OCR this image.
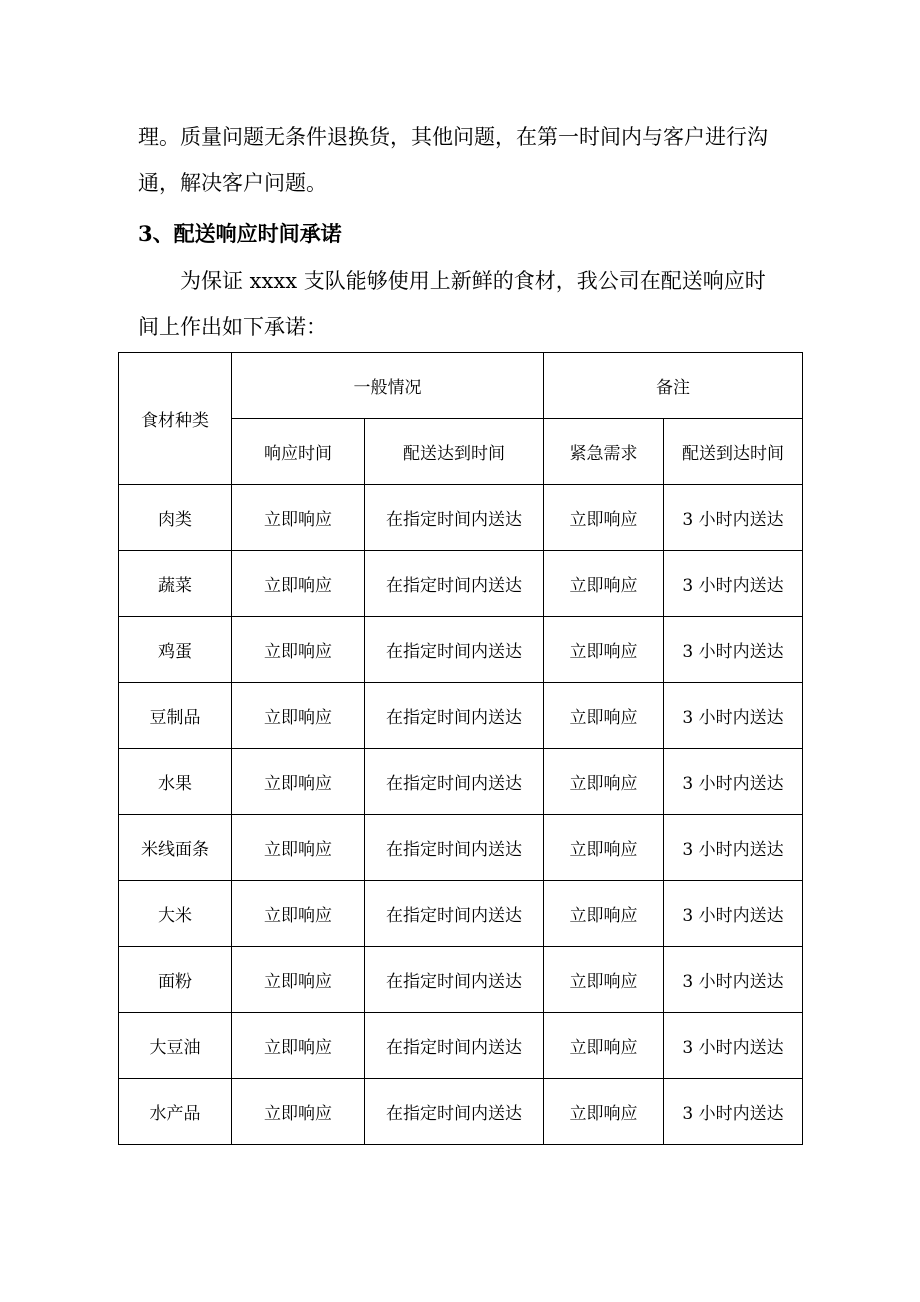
理。质量问题无条件退换货，其他问题，在第一时间内与客户进行沟
通，解决客户问题。

3、配送响应时间承诺

为保证 xxxx 支队能够使用上新鲜的食材，我公司在配送响应时
间上作出如下承诺：

食材种类	一般情况		备注	
	响应时间	配送达到时间	紧急需求	配送到达时间
肉类	立即响应	在指定时间内送达	立即响应	3 小时内送达
蔬菜	立即响应	在指定时间内送达	立即响应	3 小时内送达
鸡蛋	立即响应	在指定时间内送达	立即响应	3 小时内送达
豆制品	立即响应	在指定时间内送达	立即响应	3 小时内送达
水果	立即响应	在指定时间内送达	立即响应	3 小时内送达
米线面条	立即响应	在指定时间内送达	立即响应	3 小时内送达
大米	立即响应	在指定时间内送达	立即响应	3 小时内送达
面粉	立即响应	在指定时间内送达	立即响应	3 小时内送达
大豆油	立即响应	在指定时间内送达	立即响应	3 小时内送达
水产品	立即响应	在指定时间内送达	立即响应	3 小时内送达
